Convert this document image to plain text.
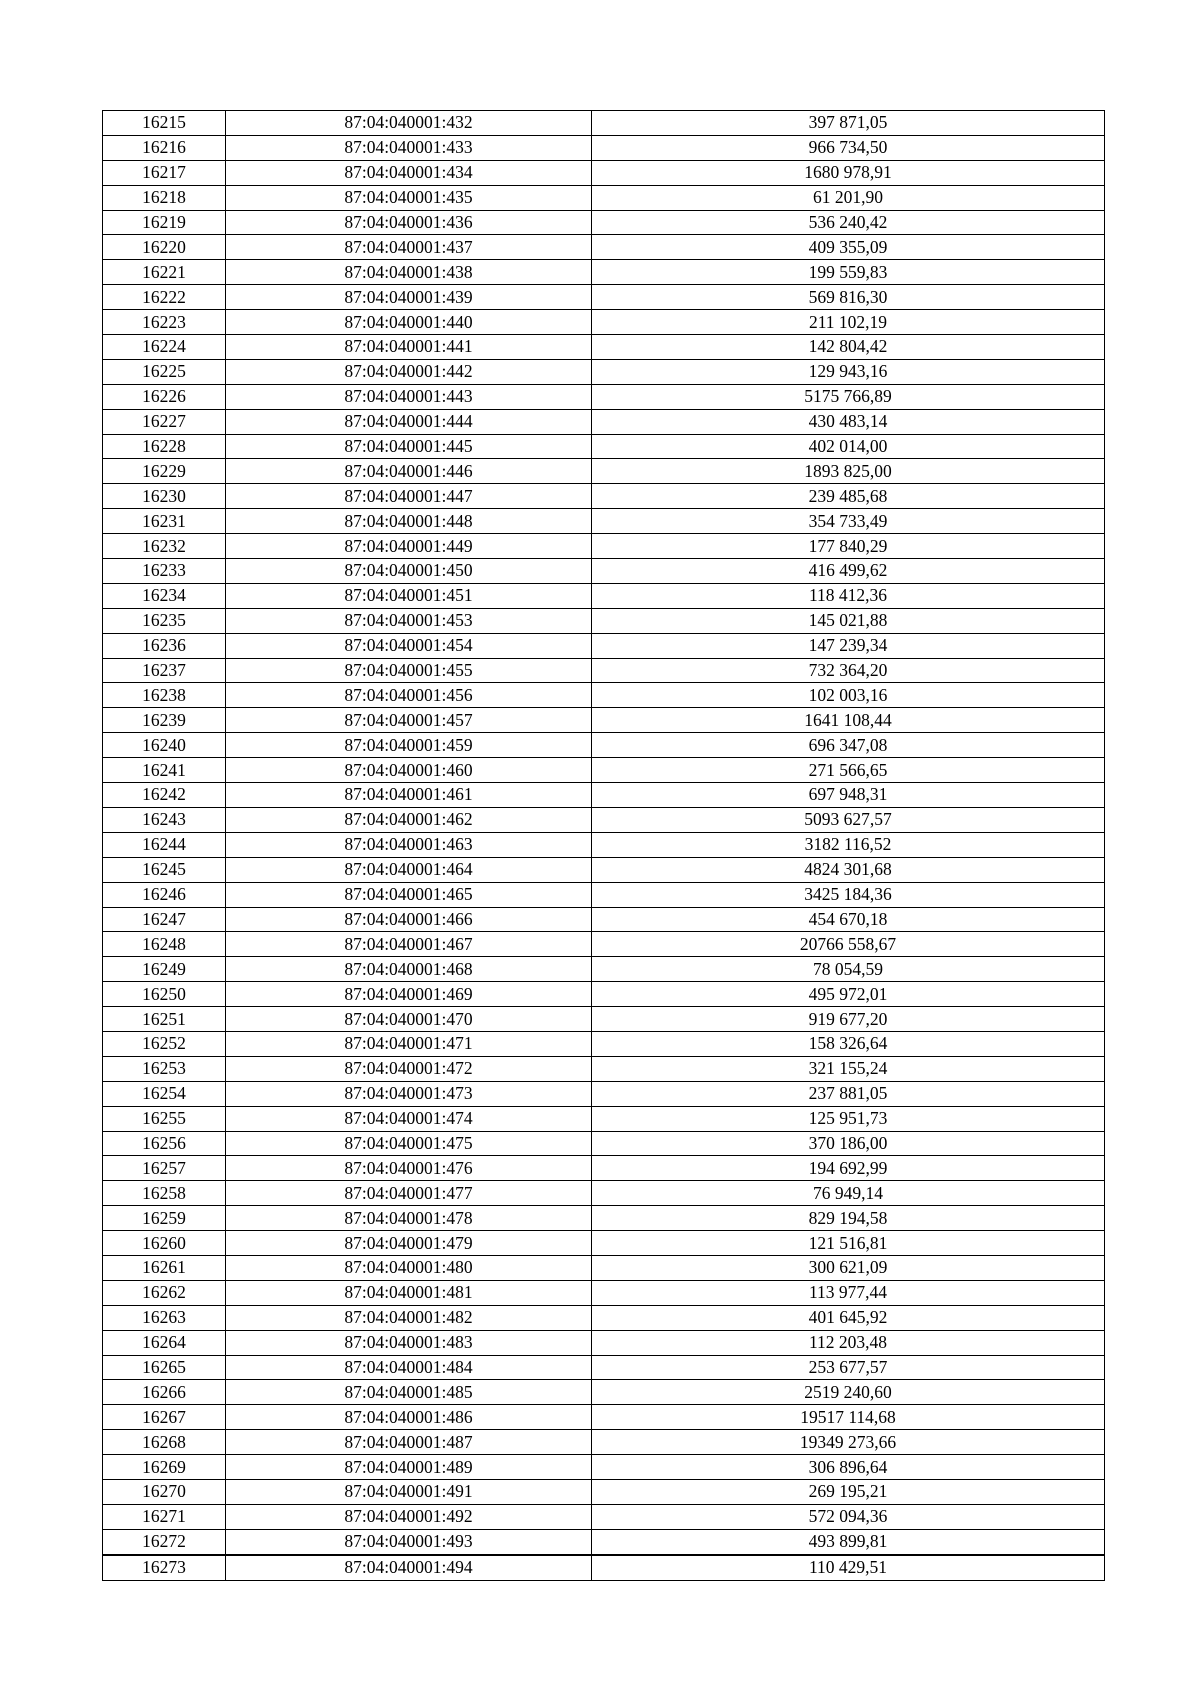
16215	87:04:040001:432	397 871,05
16216	87:04:040001:433	966 734,50
16217	87:04:040001:434	1680 978,91
16218	87:04:040001:435	61 201,90
16219	87:04:040001:436	536 240,42
16220	87:04:040001:437	409 355,09
16221	87:04:040001:438	199 559,83
16222	87:04:040001:439	569 816,30
16223	87:04:040001:440	211 102,19
16224	87:04:040001:441	142 804,42
16225	87:04:040001:442	129 943,16
16226	87:04:040001:443	5175 766,89
16227	87:04:040001:444	430 483,14
16228	87:04:040001:445	402 014,00
16229	87:04:040001:446	1893 825,00
16230	87:04:040001:447	239 485,68
16231	87:04:040001:448	354 733,49
16232	87:04:040001:449	177 840,29
16233	87:04:040001:450	416 499,62
16234	87:04:040001:451	118 412,36
16235	87:04:040001:453	145 021,88
16236	87:04:040001:454	147 239,34
16237	87:04:040001:455	732 364,20
16238	87:04:040001:456	102 003,16
16239	87:04:040001:457	1641 108,44
16240	87:04:040001:459	696 347,08
16241	87:04:040001:460	271 566,65
16242	87:04:040001:461	697 948,31
16243	87:04:040001:462	5093 627,57
16244	87:04:040001:463	3182 116,52
16245	87:04:040001:464	4824 301,68
16246	87:04:040001:465	3425 184,36
16247	87:04:040001:466	454 670,18
16248	87:04:040001:467	20766 558,67
16249	87:04:040001:468	78 054,59
16250	87:04:040001:469	495 972,01
16251	87:04:040001:470	919 677,20
16252	87:04:040001:471	158 326,64
16253	87:04:040001:472	321 155,24
16254	87:04:040001:473	237 881,05
16255	87:04:040001:474	125 951,73
16256	87:04:040001:475	370 186,00
16257	87:04:040001:476	194 692,99
16258	87:04:040001:477	76 949,14
16259	87:04:040001:478	829 194,58
16260	87:04:040001:479	121 516,81
16261	87:04:040001:480	300 621,09
16262	87:04:040001:481	113 977,44
16263	87:04:040001:482	401 645,92
16264	87:04:040001:483	112 203,48
16265	87:04:040001:484	253 677,57
16266	87:04:040001:485	2519 240,60
16267	87:04:040001:486	19517 114,68
16268	87:04:040001:487	19349 273,66
16269	87:04:040001:489	306 896,64
16270	87:04:040001:491	269 195,21
16271	87:04:040001:492	572 094,36
16272	87:04:040001:493	493 899,81
16273	87:04:040001:494	110 429,51
